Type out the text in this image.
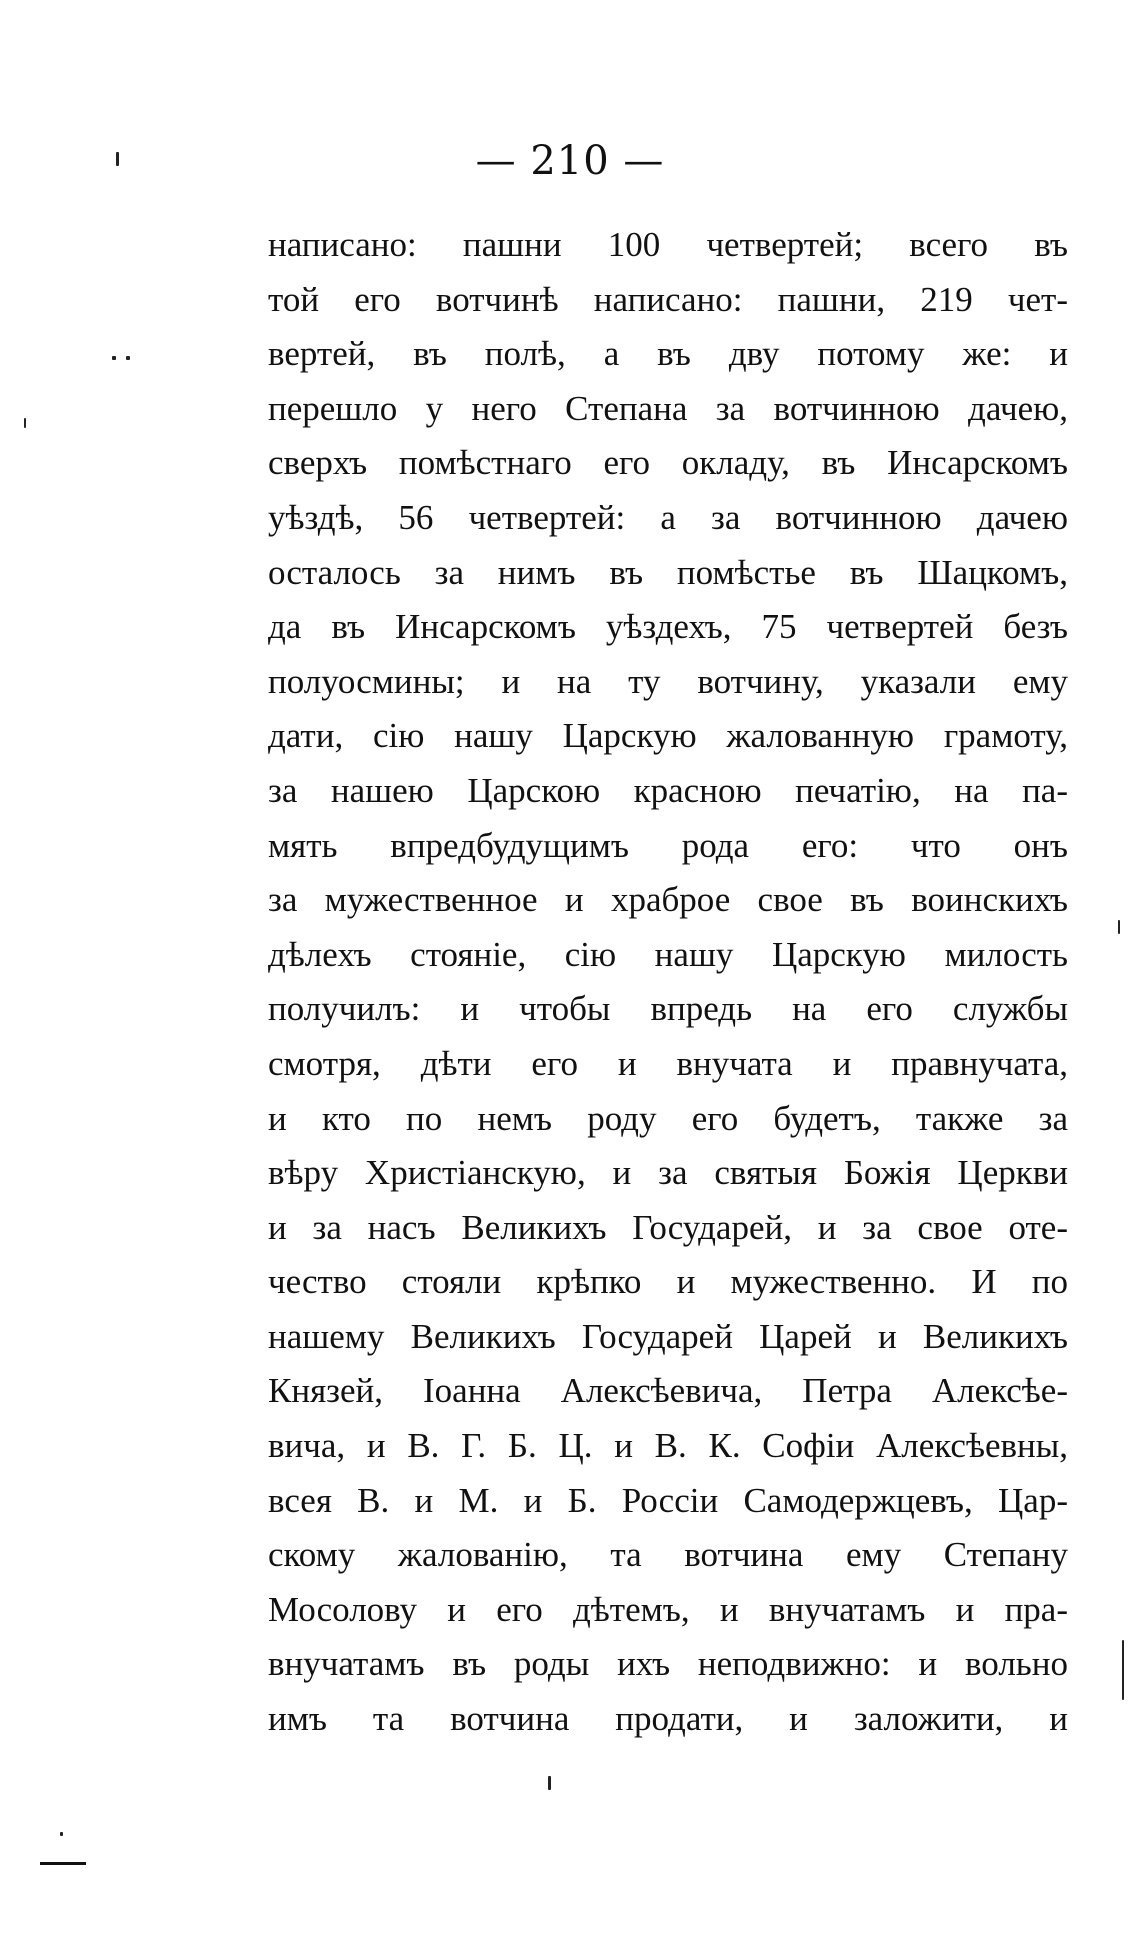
— 210 —
написано: пашни 100 четвертей; всего въ
той его вотчинѣ написано: пашни, 219 чет-
вертей, въ полѣ, а въ дву потому же: и
перешло у него Степана за вотчинною дачею,
сверхъ помѣстнаго его окладу, въ Инсарскомъ
уѣздѣ, 56 четвертей: а за вотчинною дачею
осталось за нимъ въ помѣстье въ Шацкомъ,
да въ Инсарскомъ уѣздехъ, 75 четвертей безъ
полуосмины; и на ту вотчину, указали ему
дати, сію нашу Царскую жалованную грамоту,
за нашею Царскою красною печатію, на па-
мять впредбудущимъ рода его: что онъ
за мужественное и храброе свое въ воинскихъ
дѣлехъ стояніе, сію нашу Царскую милость
получилъ: и чтобы впредь на его службы
смотря, дѣти его и внучата и правнучата,
и кто по немъ роду его будетъ, также за
вѣру Христіанскую, и за святыя Божія Церкви
и за насъ Великихъ Государей, и за свое оте-
чество стояли крѣпко и мужественно. И по
нашему Великихъ Государей Царей и Великихъ
Князей, Іоанна Алексѣевича, Петра Алексѣе-
вича, и В. Г. Б. Ц. и В. К. Софіи Алексѣевны,
всея В. и М. и Б. Россіи Самодержцевъ, Цар-
скому жалованію, та вотчина ему Степану
Мосолову и его дѣтемъ, и внучатамъ и пра-
внучатамъ въ роды ихъ неподвижно: и вольно
имъ та вотчина продати, и заложити, и
